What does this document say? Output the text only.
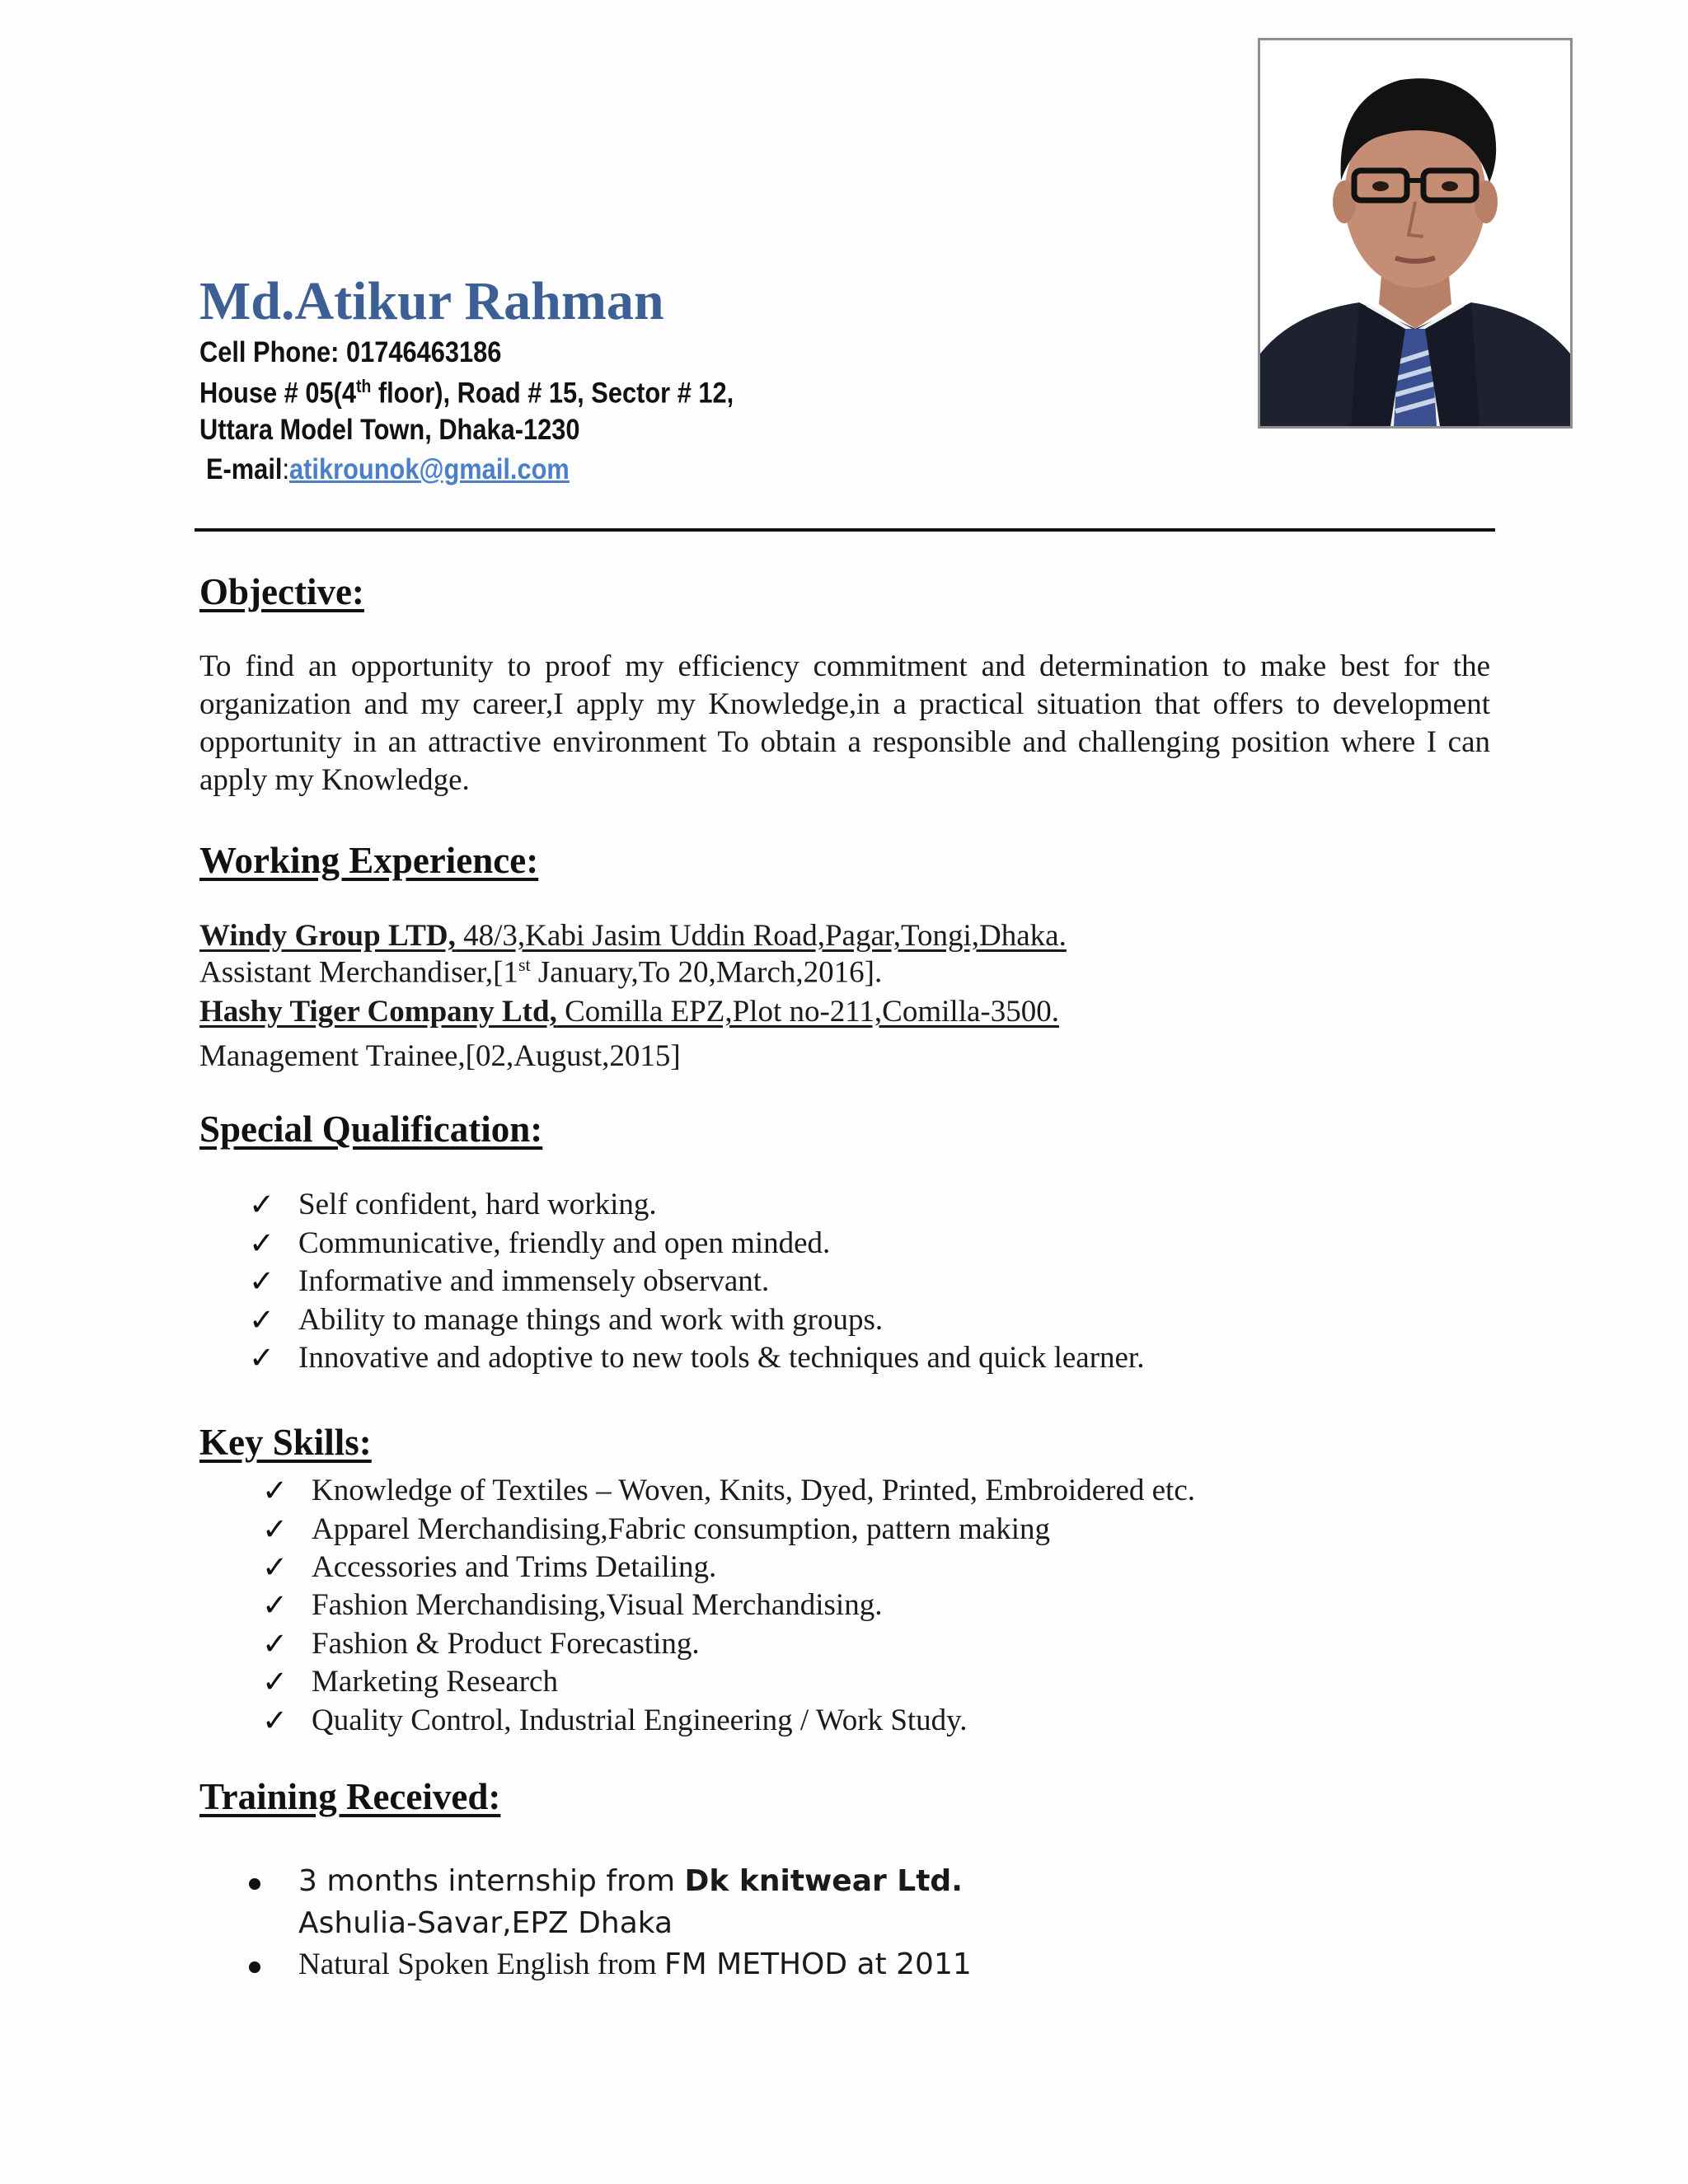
Md.Atikur Rahman
Cell Phone: 01746463186
House # 05(4th floor), Road # 15, Sector # 12,
Uttara Model Town, Dhaka-1230
E-mail:atikrounok@gmail.com
Objective:
To find an opportunity to proof my efficiency commitment and determination to make best for the organization and my career,I apply my Knowledge,in a practical situation that offers to development opportunity in an attractive environment To obtain a responsible and challenging position where I can apply my Knowledge.
Working Experience:
Windy Group LTD, 48/3,Kabi Jasim Uddin Road,Pagar,Tongi,Dhaka.
Assistant Merchandiser,[1st January,To 20,March,2016].
Hashy Tiger Company Ltd, Comilla EPZ,Plot no-211,Comilla-3500.
Management Trainee,[02,August,2015]
Special Qualification:
✓ Self confident, hard working.
✓ Communicative, friendly and open minded.
✓ Informative and immensely observant.
✓ Ability to manage things and work with groups.
✓ Innovative and adoptive to new tools & techniques and quick learner.
Key Skills:
✓ Knowledge of Textiles – Woven, Knits, Dyed, Printed, Embroidered etc.
✓ Apparel Merchandising,Fabric consumption, pattern making
✓ Accessories and Trims Detailing.
✓ Fashion Merchandising,Visual Merchandising.
✓ Fashion & Product Forecasting.
✓ Marketing Research
✓ Quality Control, Industrial Engineering / Work Study.
Training Received:
3 months internship from Dk knitwear Ltd.
Ashulia-Savar,EPZ Dhaka
Natural Spoken English from FM METHOD at 2011
